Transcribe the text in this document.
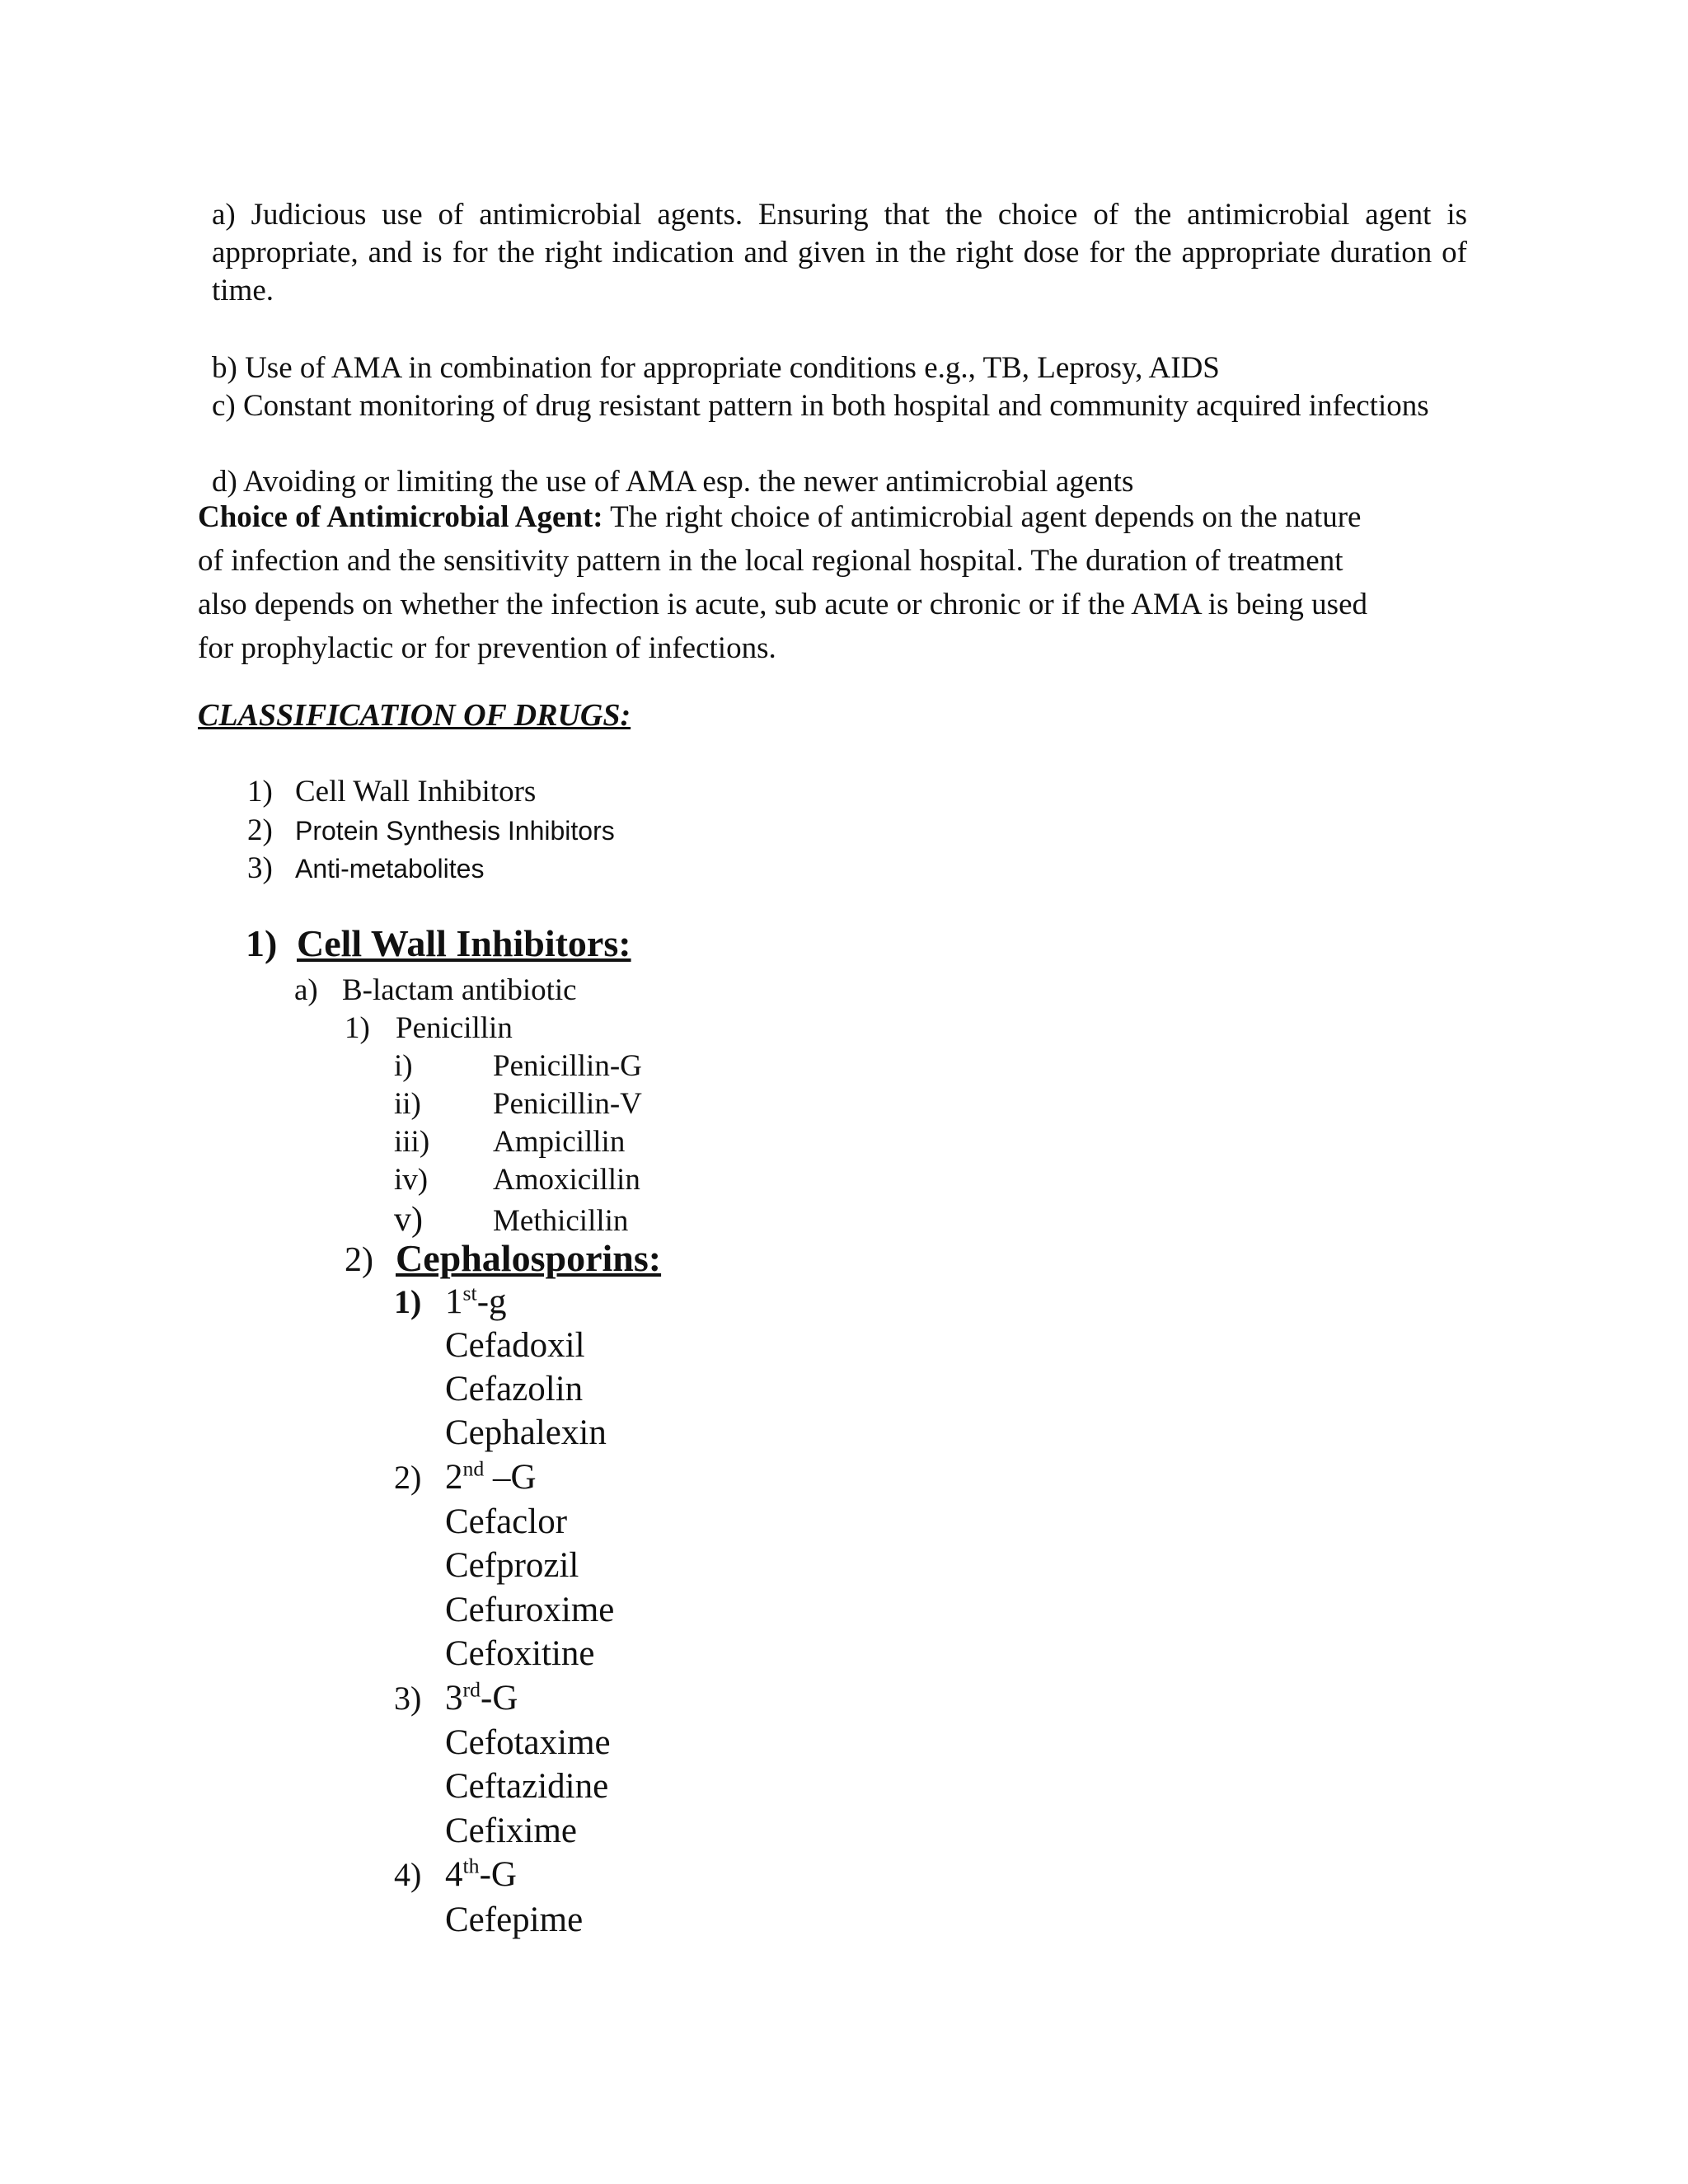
a) Judicious use of antimicrobial agents. Ensuring that the choice of the antimicrobial agent is appropriate, and is for the right indication and given in the right dose for the appropriate duration of time.
b) Use of AMA in combination for appropriate conditions e.g., TB, Leprosy, AIDS
c) Constant monitoring of drug resistant pattern in both hospital and community acquired infections
d) Avoiding or limiting the use of AMA esp. the newer antimicrobial agents
Choice of Antimicrobial Agent: The right choice of antimicrobial agent depends on the nature
of infection and the sensitivity pattern in the local regional hospital. The duration of treatment
also depends on whether the infection is acute, sub acute or chronic or if the AMA is being used
for prophylactic or for prevention of infections.
CLASSIFICATION OF DRUGS:
1) Cell Wall Inhibitors
2) Protein Synthesis Inhibitors
3) Anti-metabolites
1) Cell Wall Inhibitors:
a) B-lactam antibiotic
1) Penicillin
i)	Penicillin-G
ii) Penicillin-V
iii) Ampicillin
iv) Amoxicillin
v) Methicillin
2) Cephalosporins:
1) 1st-g
Cefadoxil
Cefazolin
Cephalexin
2) 2nd –G
Cefaclor
Cefprozil
Cefuroxime
Cefoxitine
3) 3rd-G
Cefotaxime
Ceftazidine
Cefixime
4) 4th-G
Cefepime
